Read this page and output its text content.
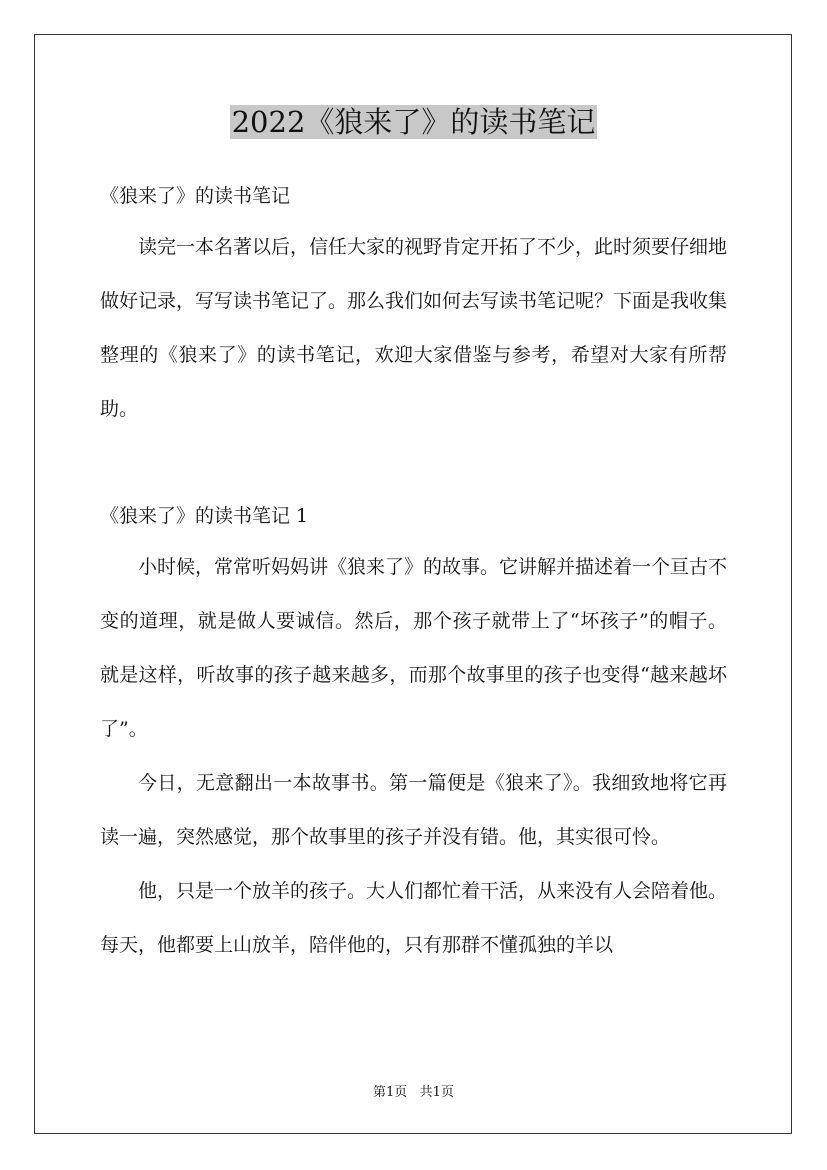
2022《狼来了》的读书笔记

《狼来了》的读书笔记

读完一本名著以后，信任大家的视野肯定开拓了不少，此时须要仔细地做好记录，写写读书笔记了。那么我们如何去写读书笔记呢？下面是我收集整理的《狼来了》的读书笔记，欢迎大家借鉴与参考，希望对大家有所帮助。

《狼来了》的读书笔记 1

小时候，常常听妈妈讲《狼来了》的故事。它讲解并描述着一个亘古不变的道理，就是做人要诚信。然后，那个孩子就带上了“坏孩子”的帽子。就是这样，听故事的孩子越来越多，而那个故事里的孩子也变得“越来越坏了”。

今日，无意翻出一本故事书。第一篇便是《狼来了》。我细致地将它再读一遍，突然感觉，那个故事里的孩子并没有错。他，其实很可怜。

他，只是一个放羊的孩子。大人们都忙着干活，从来没有人会陪着他。每天，他都要上山放羊，陪伴他的，只有那群不懂孤独的羊以

第1页   共1页
